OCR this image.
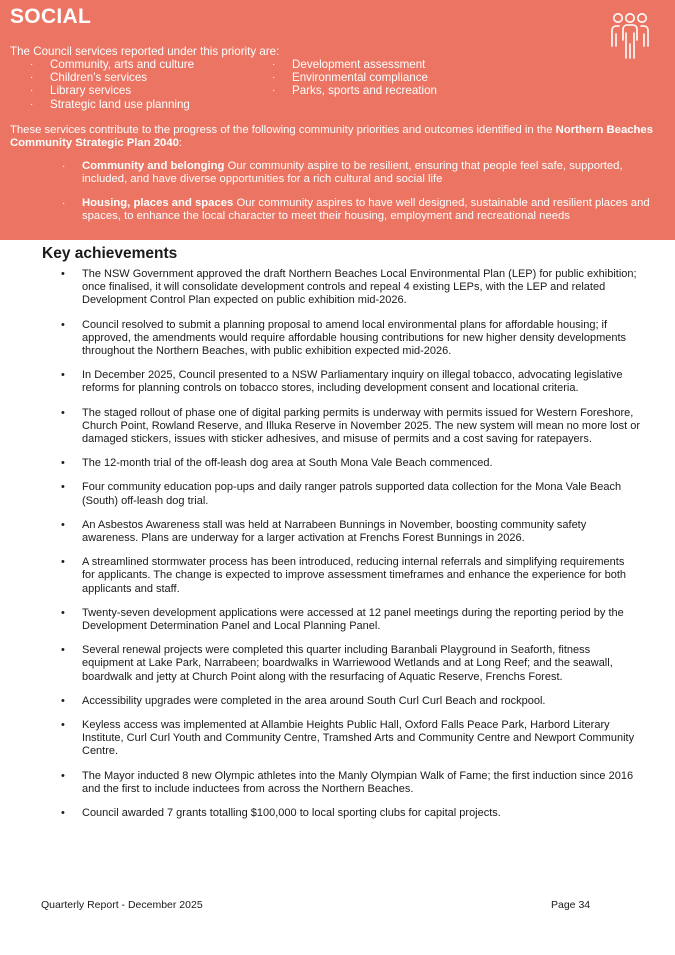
SOCIAL
The Council services reported under this priority are:
·	Community, arts and culture
·	Children’s services
·	Library services
·	Strategic land use planning
·	Development assessment
·	Environmental compliance
·	Parks, sports and recreation
These services contribute to the progress of the following community priorities and outcomes identified in the Northern Beaches Community Strategic Plan 2040:
· Community and belonging Our community aspire to be resilient, ensuring that people feel safe, supported, included, and have diverse opportunities for a rich cultural and social life
· Housing, places and spaces Our community aspires to have well designed, sustainable and resilient places and spaces, to enhance the local character to meet their housing, employment and recreational needs
Key achievements
• The NSW Government approved the draft Northern Beaches Local Environmental Plan (LEP) for public exhibition; once finalised, it will consolidate development controls and repeal 4 existing LEPs, with the LEP and related Development Control Plan expected on public exhibition mid-2026.
• Council resolved to submit a planning proposal to amend local environmental plans for affordable housing; if approved, the amendments would require affordable housing contributions for new higher density developments throughout the Northern Beaches, with public exhibition expected mid-2026.
• In December 2025, Council presented to a NSW Parliamentary inquiry on illegal tobacco, advocating legislative reforms for planning controls on tobacco stores, including development consent and locational criteria.
• The staged rollout of phase one of digital parking permits is underway with permits issued for Western Foreshore, Church Point, Rowland Reserve, and Illuka Reserve in November 2025. The new system will mean no more lost or damaged stickers, issues with sticker adhesives, and misuse of permits and a cost saving for ratepayers.
• The 12-month trial of the off-leash dog area at South Mona Vale Beach commenced.
• Four community education pop-ups and daily ranger patrols supported data collection for the Mona Vale Beach (South) off-leash dog trial.
• An Asbestos Awareness stall was held at Narrabeen Bunnings in November, boosting community safety awareness. Plans are underway for a larger activation at Frenchs Forest Bunnings in 2026.
• A streamlined stormwater process has been introduced, reducing internal referrals and simplifying requirements for applicants. The change is expected to improve assessment timeframes and enhance the experience for both applicants and staff.
• Twenty-seven development applications were accessed at 12 panel meetings during the reporting period by the Development Determination Panel and Local Planning Panel.
• Several renewal projects were completed this quarter including Baranbali Playground in Seaforth, fitness equipment at Lake Park, Narrabeen; boardwalks in Warriewood Wetlands and at Long Reef; and the seawall, boardwalk and jetty at Church Point along with the resurfacing of Aquatic Reserve, Frenchs Forest.
• Accessibility upgrades were completed in the area around South Curl Curl Beach and rockpool.
• Keyless access was implemented at Allambie Heights Public Hall, Oxford Falls Peace Park, Harbord Literary Institute, Curl Curl Youth and Community Centre, Tramshed Arts and Community Centre and Newport Community Centre.
• The Mayor inducted 8 new Olympic athletes into the Manly Olympian Walk of Fame; the first induction since 2016 and the first to include inductees from across the Northern Beaches.
• Council awarded 7 grants totalling $100,000 to local sporting clubs for capital projects.
Quarterly Report - December 2025	Page 34
